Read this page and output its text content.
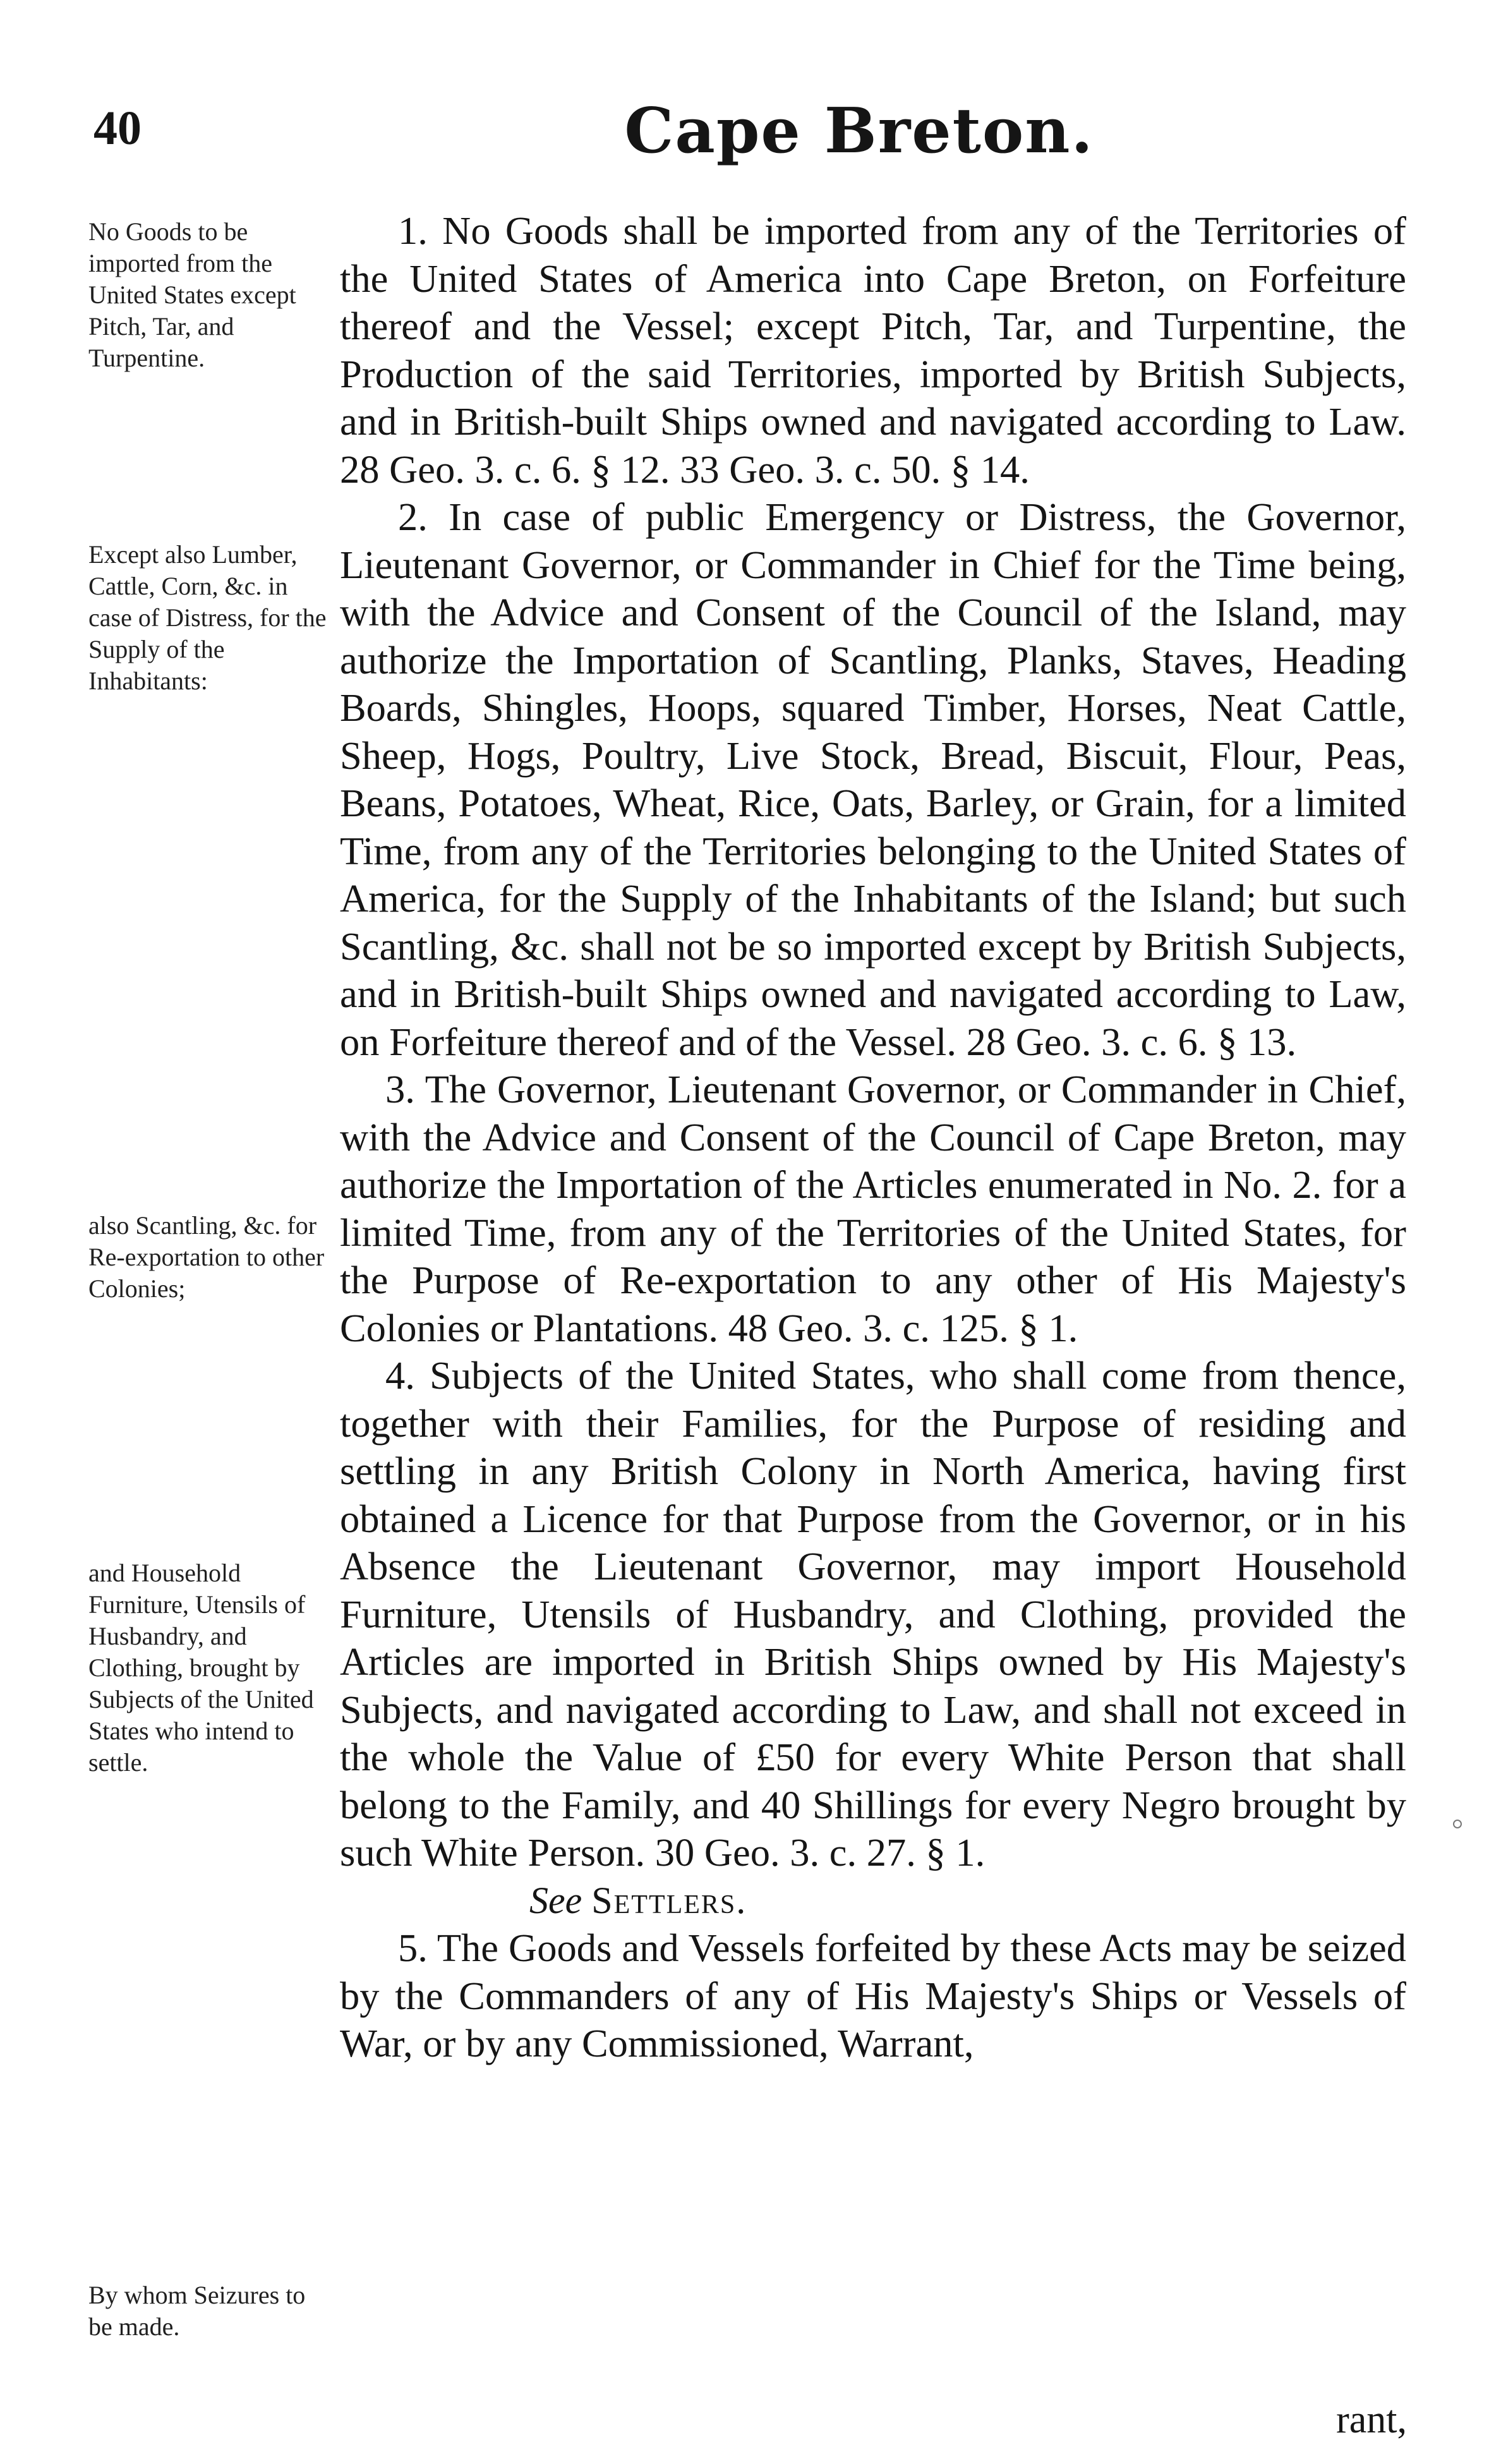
40	Cape Breton.
No Goods to be imported from the United States except Pitch, Tar, and Turpentine.
Except also Lumber, Cattle, Corn, &c. in case of Distress, for the Supply of the Inhabitants:
also Scantling, &c. for Re-exportation to other Colonies;
and Household Furniture, Utensils of Husbandry, and Clothing, brought by Subjects of the United States who intend to settle.
By whom Seizures to be made.

1. No Goods shall be imported from any of the Territories of the United States of America into Cape Breton, on Forfeiture thereof and the Vessel; except Pitch, Tar, and Turpentine, the Production of the said Territories, imported by British Subjects, and in British-built Ships owned and navigated according to Law. 28 Geo. 3. c. 6. § 12. 33 Geo. 3. c. 50. § 14.

2. In case of public Emergency or Distress, the Governor, Lieutenant Governor, or Commander in Chief for the Time being, with the Advice and Consent of the Council of the Island, may authorize the Importation of Scantling, Planks, Staves, Heading Boards, Shingles, Hoops, squared Timber, Horses, Neat Cattle, Sheep, Hogs, Poultry, Live Stock, Bread, Biscuit, Flour, Peas, Beans, Potatoes, Wheat, Rice, Oats, Barley, or Grain, for a limited Time, from any of the Territories belonging to the United States of America, for the Supply of the Inhabitants of the Island; but such Scantling, &c. shall not be so imported except by British Subjects, and in British-built Ships owned and navigated according to Law, on Forfeiture thereof and of the Vessel. 28 Geo. 3. c. 6. § 13.

3. The Governor, Lieutenant Governor, or Commander in Chief, with the Advice and Consent of the Council of Cape Breton, may authorize the Importation of the Articles enumerated in No. 2. for a limited Time, from any of the Territories of the United States, for the Purpose of Re-exportation to any other of His Majesty's Colonies or Plantations. 48 Geo. 3. c. 125. § 1.

4. Subjects of the United States, who shall come from thence, together with their Families, for the Purpose of residing and settling in any British Colony in North America, having first obtained a Licence for that Purpose from the Governor, or in his Absence the Lieutenant Governor, may import Household Furniture, Utensils of Husbandry, and Clothing, provided the Articles are imported in British Ships owned by His Majesty's Subjects, and navigated according to Law, and shall not exceed in the whole the Value of £50 for every White Person that shall belong to the Family, and 40 Shillings for every Negro brought by such White Person. 30 Geo. 3. c. 27. § 1.

See Settlers.

5. The Goods and Vessels forfeited by these Acts may be seized by the Commanders of any of His Majesty's Ships or Vessels of War, or by any Commissioned, Warrant,

rant,
